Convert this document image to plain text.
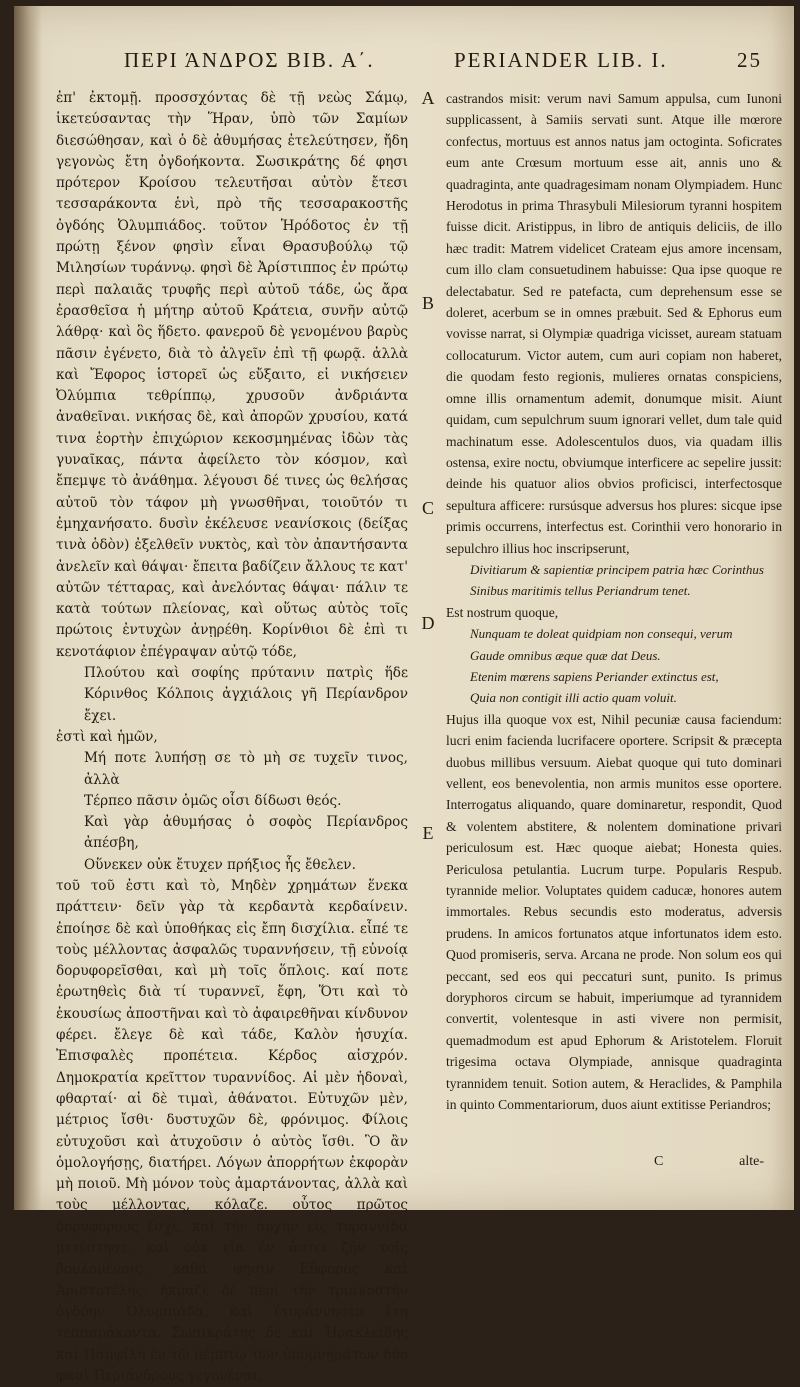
ΠΕΡΙ ΆΝΔΡΟΣ ΒΙΒ. Α΄.	PERIANDER LIB. I.	25

ἐπ' ἐκτομῇ. προσσχόντας δὲ τῇ νεὼς Σάμῳ, ἱκετεύσαντας τὴν Ἥραν, ὑπὸ τῶν Σαμίων διεσώθησαν, καὶ ὁ δὲ ἀθυμήσας ἐτελεύτησεν, ἤδη γεγονὼς ἔτη ὀγδοήκοντα. Σωσικράτης δέ φησι πρότερον Κροίσου τελευτῆσαι αὐτὸν ἔτεσι τεσσαράκοντα ἑνὶ, πρὸ τῆς τεσσαρακοστῆς ὀγδόης Ὀλυμπιάδος. τοῦτον Ἡρόδοτος ἐν τῇ πρώτῃ ξένον φησὶν εἶναι Θρασυβούλῳ τῷ Μιλησίων τυράννῳ. φησὶ δὲ Ἀρίστιππος ἐν πρώτῳ περὶ παλαιᾶς τρυφῆς περὶ αὐτοῦ τάδε, ὡς ἄρα ἐρασθεῖσα ἡ μήτηρ αὐτοῦ Κράτεια, συνῆν αὐτῷ λάθρᾳ· καὶ ὃς ἥδετο. φανεροῦ δὲ γενομένου βαρὺς πᾶσιν ἐγένετο, διὰ τὸ ἀλγεῖν ἐπὶ τῇ φωρᾷ. ἀλλὰ καὶ Ἔφορος ἱστορεῖ ὡς εὔξαιτο, εἰ νικήσειεν Ὀλύμπια τεθρίππῳ, χρυσοῦν ἀνδριάντα ἀναθεῖναι. νικήσας δὲ, καὶ ἀπορῶν χρυσίου, κατά τινα ἑορτὴν ἐπιχώριον κεκοσμημένας ἰδὼν τὰς γυναῖκας, πάντα ἀφείλετο τὸν κόσμον, καὶ ἔπεμψε τὸ ἀνάθημα. λέγουσι δέ τινες ὡς θελήσας αὐτοῦ τὸν τάφον μὴ γνωσθῆναι, τοιοῦτόν τι ἐμηχανήσατο. δυσὶν ἐκέλευσε νεανίσκοις (δείξας τινὰ ὁδὸν) ἐξελθεῖν νυκτὸς, καὶ τὸν ἀπαντήσαντα ἀνελεῖν καὶ θάψαι· ἔπειτα βαδίζειν ἄλλους τε κατ' αὐτῶν τέτταρας, καὶ ἀνελόντας θάψαι· πάλιν τε κατὰ τούτων πλείονας, καὶ οὕτως αὐτὸς τοῖς πρώτοις ἐντυχὼν ἀνῃρέθη. Κορίνθιοι δὲ ἐπὶ τι κενοτάφιον ἐπέγραψαν αὐτῷ τόδε,

Πλούτου καὶ σοφίης πρύτανιν πατρὶς ἥδε Κόρινθος Κόλποις ἀγχιάλοις γῆ Περίανδρον ἔχει.

ἐστὶ καὶ ἡμῶν,

Μή ποτε λυπήσῃ σε τὸ μὴ σε τυχεῖν τινος, ἀλλὰ

Τέρπεο πᾶσιν ὁμῶς οἷσι δίδωσι θεός.

Καὶ γὰρ ἀθυμήσας ὁ σοφὸς Περίανδρος ἀπέσβη,

Οὕνεκεν οὐκ ἔτυχεν πρήξιος ἧς ἔθελεν.

τοῦ τοῦ ἐστι καὶ τὸ, Μηδὲν χρημάτων ἕνεκα πράττειν· δεῖν γὰρ τὰ κερδαντὰ κερδαίνειν. ἐποίησε δὲ καὶ ὑποθήκας εἰς ἔπη δισχίλια. εἶπέ τε τοὺς μέλλοντας ἀσφαλῶς τυραννήσειν, τῇ εὐνοίᾳ δορυφορεῖσθαι, καὶ μὴ τοῖς ὅπλοις. καί ποτε ἐρωτηθεὶς διὰ τί τυραννεῖ, ἔφη, Ὅτι καὶ τὸ ἑκουσίως ἀποστῆναι καὶ τὸ ἀφαιρεθῆναι κίνδυνον φέρει. ἔλεγε δὲ καὶ τάδε, Καλὸν ἡσυχία. Ἐπισφαλὲς προπέτεια. Κέρδος αἰσχρόν. Δημοκρατία κρεῖττον τυραννίδος. Αἱ μὲν ἡδοναὶ, φθαρταί· αἱ δὲ τιμαὶ, ἀθάνατοι. Εὐτυχῶν μὲν, μέτριος ἴσθι· δυστυχῶν δὲ, φρόνιμος. Φίλοις εὐτυχοῦσι καὶ ἀτυχοῦσιν ὁ αὐτὸς ἴσθι. Ὃ ἂν ὁμολογήσῃς, διατήρει. Λόγων ἀπορρήτων ἐκφορὰν μὴ ποιοῦ. Μὴ μόνον τοὺς ἁμαρτάνοντας, ἀλλὰ καὶ τοὺς μέλλοντας, κόλαζε. οὗτος πρῶτος δορυφόρους ἔσχε, καὶ τὴν ἀρχὴν εἰς τυραννίδα μετέστησε. καὶ οὐκ εἴα ἐν ἄστει ζῆν τοῖς βουλομένοις, καθά φησιν Εὔφορος καὶ Ἀριστοτέλης. ἤκμαζε δὲ περὶ τὴν τριακοστὴν ὀγδόην Ὀλυμπιάδα, καὶ ἐτυράννησεν ἔτη τεσσαράκοντα. Σωσικράτης δὲ καὶ Ἡρακλείδης καὶ Παμφίλη ἐν τῷ πέμπτῳ τῶν ὑπομνημάτων δύο φασὶ Περιάνδρους γεγονέναι,

A
B
C
D
E

castrandos misit: verum navi Samum appulsa, cum Iunoni supplicassent, à Samiis servati sunt. Atque ille mœrore confectus, mortuus est annos natus jam octoginta. Soficrates eum ante Crœsum mortuum esse ait, annis uno & quadraginta, ante quadragesimam nonam Olympiadem. Hunc Herodotus in prima Thrasybuli Milesiorum tyranni hospitem fuisse dicit. Aristippus, in libro de antiquis deliciis, de illo hæc tradit: Matrem videlicet Crateam ejus amore incensam, cum illo clam consuetudinem habuisse: Qua ipse quoque re delectabatur. Sed re patefacta, cum deprehensum esse se doleret, acerbum se in omnes præbuit. Sed & Ephorus eum vovisse narrat, si Olympiæ quadriga vicisset, auream statuam collocaturum. Victor autem, cum auri copiam non haberet, die quodam festo regionis, mulieres ornatas conspiciens, omne illis ornamentum ademit, donumque misit. Aiunt quidam, cum sepulchrum suum ignorari vellet, dum tale quid machinatum esse. Adolescentulos duos, via quadam illis ostensa, exire noctu, obviumque interficere ac sepelire jussit: deinde his quatuor alios obvios proficisci, interfectosque sepultura afficere: rursúsque adversus hos plures: sicque ipse primis occurrens, interfectus est. Corinthii vero honorario in sepulchro illius hoc inscripserunt,

Divitiarum & sapientiæ principem patria hæc Corinthus

Sinibus maritimis tellus Periandrum tenet.

Est nostrum quoque,

Nunquam te doleat quidpiam non consequi, verum

Gaude omnibus æque quæ dat Deus.

Etenim mœrens sapiens Periander extinctus est,

Quia non contigit illi actio quam voluit.

Hujus illa quoque vox est, Nihil pecuniæ causa faciendum: lucri enim facienda lucrifacere oportere. Scripsit & præcepta duobus millibus versuum. Aiebat quoque qui tuto dominari vellent, eos benevolentia, non armis munitos esse oportere. Interrogatus aliquando, quare dominaretur, respondit, Quod & volentem abstitere, & nolentem dominatione privari periculosum est. Hæc quoque aiebat; Honesta quies. Periculosa petulantia. Lucrum turpe. Popularis Respub. tyrannide melior. Voluptates quidem caducæ, honores autem immortales. Rebus secundis esto moderatus, adversis prudens. In amicos fortunatos atque infortunatos idem esto. Quod promiseris, serva. Arcana ne prode. Non solum eos qui peccant, sed eos qui peccaturi sunt, punito. Is primus doryphoros circum se habuit, imperiumque ad tyrannidem convertit, volentesque in asti vivere non permisit, quemadmodum est apud Ephorum & Aristotelem. Floruit trigesima octava Olympiade, annisque quadraginta tyrannidem tenuit. Sotion autem, & Heraclides, & Pamphila in quinto Commentariorum, duos aiunt extitisse Periandros;

C	alte-
